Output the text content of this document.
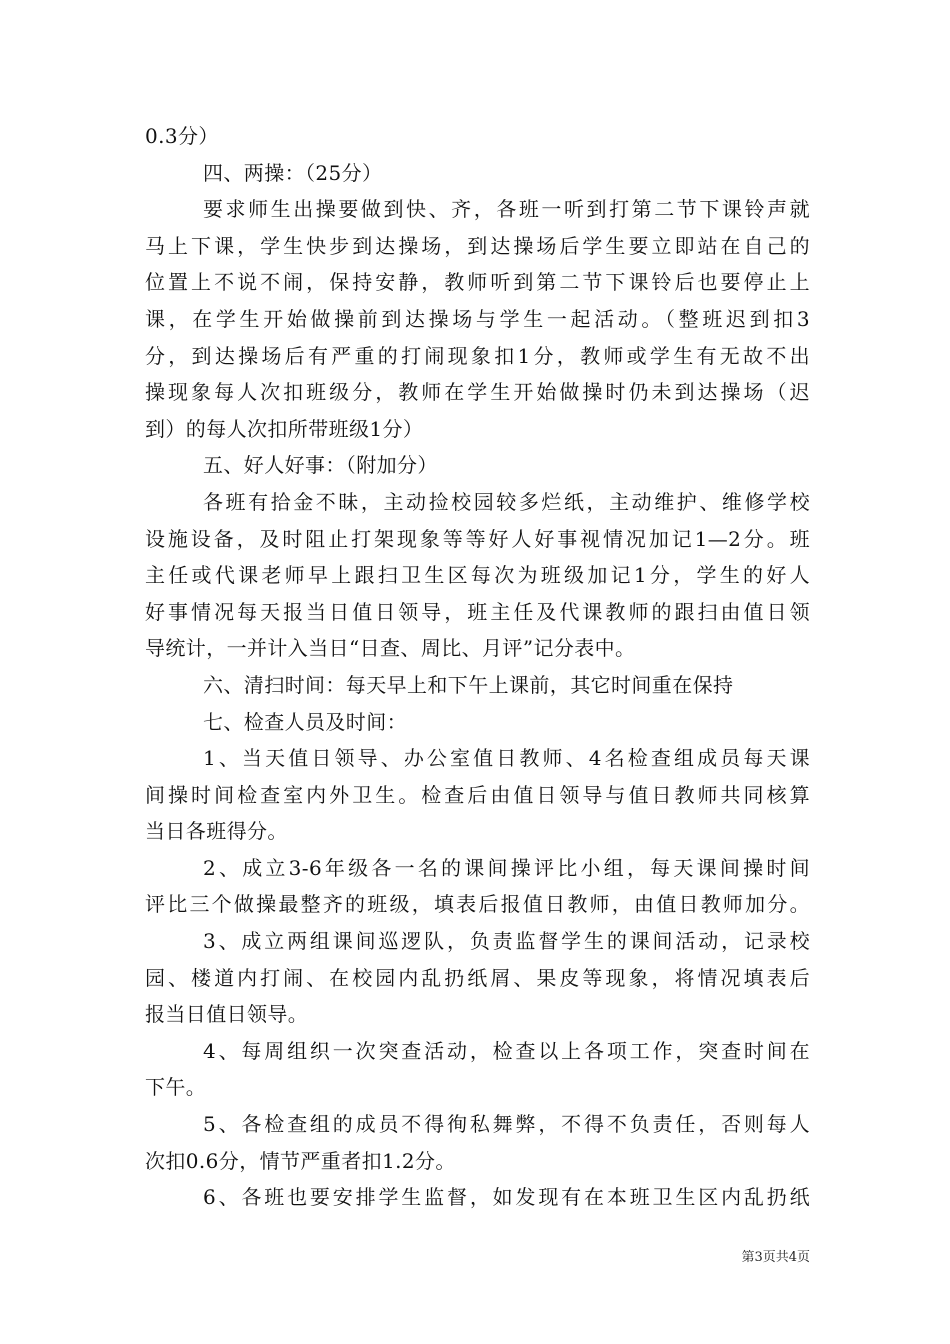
0.3分）
四、两操：（25分）
要求师生出操要做到快、齐，各班一听到打第二节下课铃声就
马上下课，学生快步到达操场，到达操场后学生要立即站在自己的
位置上不说不闹，保持安静，教师听到第二节下课铃后也要停止上
课，在学生开始做操前到达操场与学生一起活动。（整班迟到扣3
分，到达操场后有严重的打闹现象扣1分，教师或学生有无故不出
操现象每人次扣班级分，教师在学生开始做操时仍未到达操场（迟
到）的每人次扣所带班级1分）
五、好人好事：（附加分）
各班有拾金不昧，主动捡校园较多烂纸，主动维护、维修学校
设施设备，及时阻止打架现象等等好人好事视情况加记1—2分。班
主任或代课老师早上跟扫卫生区每次为班级加记1分，学生的好人
好事情况每天报当日值日领导，班主任及代课教师的跟扫由值日领
导统计，一并计入当日“日查、周比、月评”记分表中。
六、清扫时间：每天早上和下午上课前，其它时间重在保持
七、检查人员及时间：
1、当天值日领导、办公室值日教师、4名检查组成员每天课
间操时间检查室内外卫生。检查后由值日领导与值日教师共同核算
当日各班得分。
2、成立3-6年级各一名的课间操评比小组，每天课间操时间
评比三个做操最整齐的班级，填表后报值日教师，由值日教师加分。
3、成立两组课间巡逻队，负责监督学生的课间活动，记录校
园、楼道内打闹、在校园内乱扔纸屑、果皮等现象，将情况填表后
报当日值日领导。
4、每周组织一次突查活动，检查以上各项工作，突查时间在
下午。
5、各检查组的成员不得徇私舞弊，不得不负责任，否则每人
次扣0.6分，情节严重者扣1.2分。
6、各班也要安排学生监督，如发现有在本班卫生区内乱扔纸
第3页共4页
